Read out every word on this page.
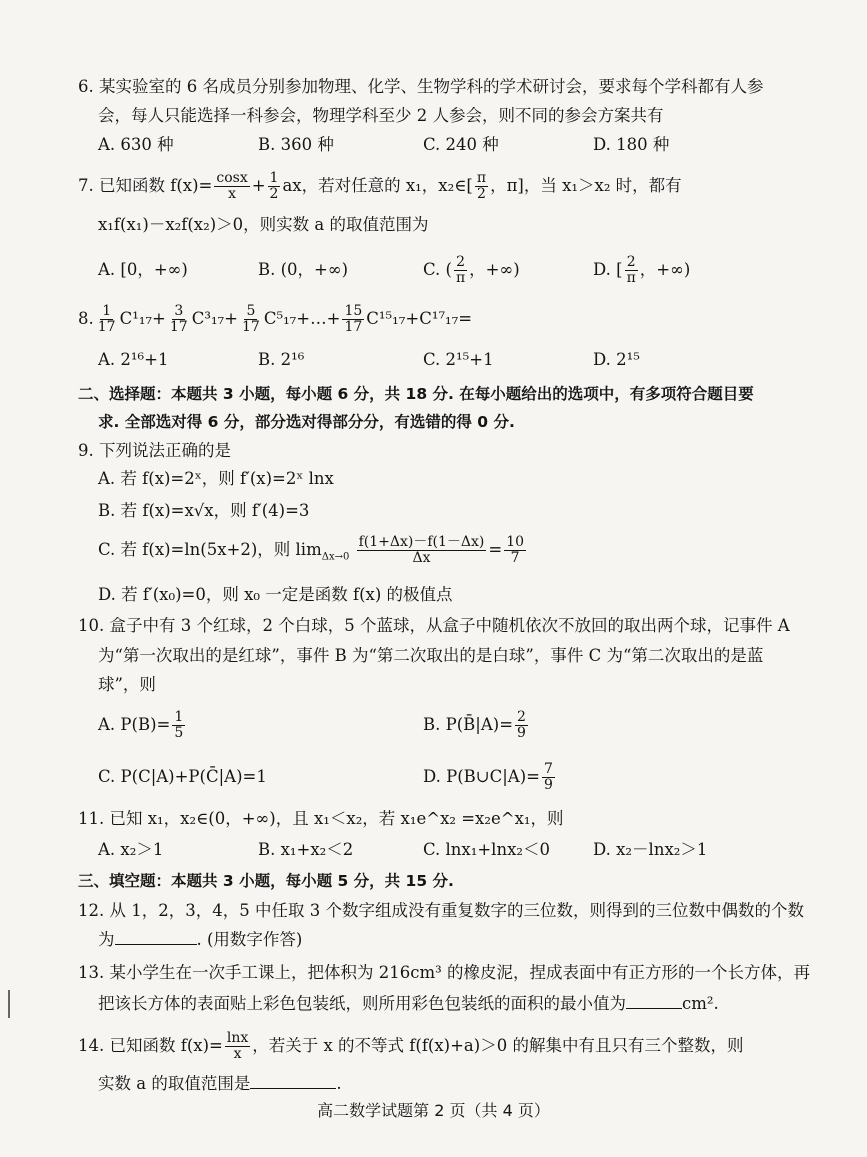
6. 某实验室的 6 名成员分别参加物理、化学、生物学科的学术研讨会，要求每个学科都有人参
会，每人只能选择一科参会，物理学科至少 2 人参会，则不同的参会方案共有
A. 630 种	B. 360 种	C. 240 种	D. 180 种
7. 已知函数 $f(x)= \frac{\cos x}{x} + \frac{1}{2}$ ax，若对任意的 x₁，x₂∈[ $\frac{\pi}{2}$ ，π]，当 x₁＞x₂ 时，都有
x₁f(x₁)－x₂f(x₂)＞0，则实数 a 的取值范围为
A. [0，+∞)	B. (0，+∞)	C. ( $\frac{2}{\pi}$ ，+∞)	D. [ $\frac{2}{\pi}$ ，+∞)
8. $\frac{1}{17} C^1_{17}+ \frac{3}{17} C^3_{17}+ \frac{5}{17}$ C⁵₁₇+…+ $\frac{15}{17} C^{15}_{17}+C^{17}_{17}=$
A. 2¹⁶+1	B. 2¹⁶	C. 2¹⁵+1	D. 2¹⁵
二、选择题：本题共 3 小题，每小题 6 分，共 18 分. 在每小题给出的选项中，有多项符合题目要
求. 全部选对得 6 分，部分选对得部分分，有选错的得 0 分.
9. 下列说法正确的是
A. 若 f(x)=2ˣ，则 f′(x)=2ˣ lnx
B. 若 f(x)=x√x，则 f′(4)=3
C. 若 f(x)=ln(5x+2)，则 $\lim_{\Delta x\to 0} \frac{f(1+\Delta x)-f(1-\Delta x)}{\Delta x} = \frac{10}{7}$
D. 若 f′(x₀)=0，则 x₀ 一定是函数 f(x) 的极值点
10. 盒子中有 3 个红球，2 个白球，5 个蓝球，从盒子中随机依次不放回的取出两个球，记事件 A
为“第一次取出的是红球”，事件 B 为“第二次取出的是白球”，事件 C 为“第二次取出的是蓝
球”，则
A. $P(B)= \frac{1}{5}$	B. P(B̄|A)= $\frac{2}{9}$
C. P(C|A)+P(C̄|A)=1	D. P(B∪C|A)= $\frac{7}{9}$
11. 已知 x₁，x₂∈(0，+∞)，且 x₁＜x₂，若 x₁e^x₂ =x₂e^x₁，则
A. x₂＞1	B. x₁+x₂＜2	C. lnx₁+lnx₂＜0	D. x₂－lnx₂＞1
三、填空题：本题共 3 小题，每小题 5 分，共 15 分.
12. 从 1，2，3，4，5 中任取 3 个数字组成没有重复数字的三位数，则得到的三位数中偶数的个数
为	. (用数字作答)
13. 某小学生在一次手工课上，把体积为 216cm³ 的橡皮泥，捏成表面中有正方形的一个长方体，再
把该长方体的表面贴上彩色包装纸，则所用彩色包装纸的面积的最小值为	cm².
14. 已知函数 $f(x)= \frac{\ln x}{x}$ ，若关于 x 的不等式 f(f(x)+a)＞0 的解集中有且只有三个整数，则
实数 a 的取值范围是	.
高二数学试题第 2 页（共 4 页）
